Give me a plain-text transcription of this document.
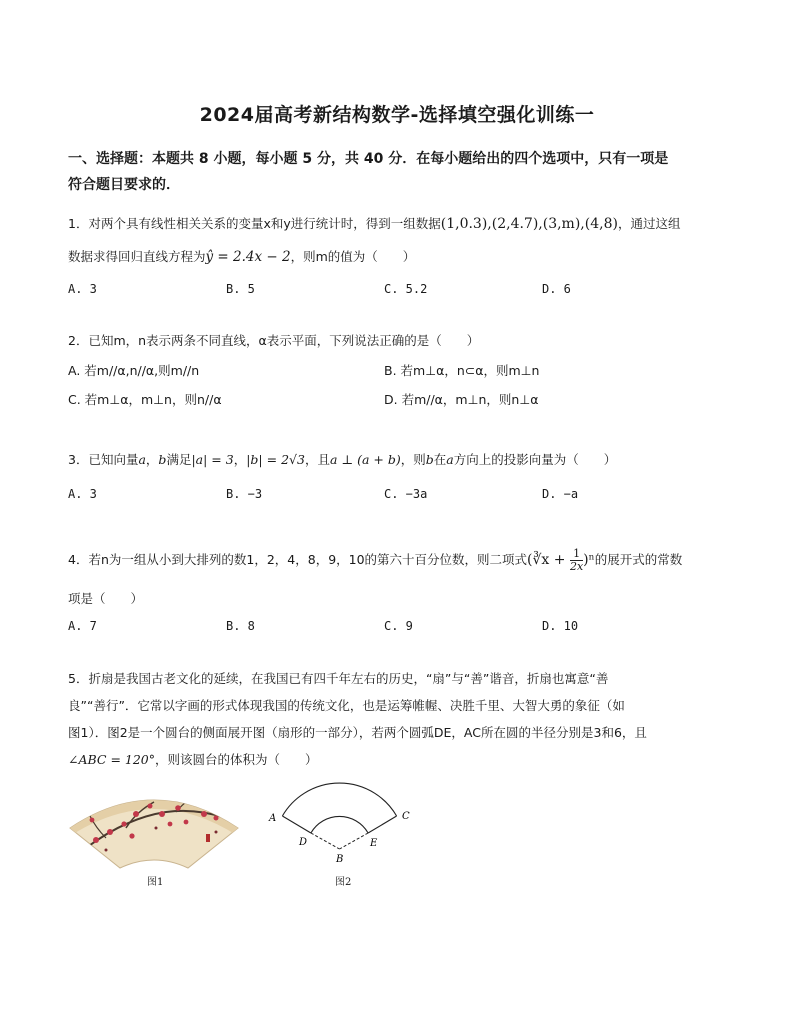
2024届高考新结构数学-选择填空强化训练一
一、选择题：本题共 8 小题，每小题 5 分，共 40 分．在每小题给出的四个选项中，只有一项是
符合题目要求的．
1．对两个具有线性相关关系的变量x和y进行统计时，得到一组数据(1,0.3),(2,4.7),(3,m),(4,8)，通过这组
数据求得回归直线方程为ŷ = 2.4x − 2，则m的值为（　　）
A. 3	B. 5	C. 5.2	D. 6
2．已知m，n表示两条不同直线，α表示平面，下列说法正确的是（　　）
A. 若m//α,n//α,则m//n	B. 若m⊥α，n⊂α，则m⊥n
C. 若m⊥α，m⊥n，则n//α	D. 若m//α，m⊥n，则n⊥α
3．已知向量a，b满足|a| = 3，|b| = 2√3，且a ⊥ (a + b)，则b在a方向上的投影向量为（　　）
A. 3	B. −3	C. −3a	D. −a
4．若n为一组从小到大排列的数1，2，4，8，9，10的第六十百分位数，则二项式(∛x + $\frac{1}{2x} )^n$的展开式的常数
项是（　　）
A. 7	B. 8	C. 9	D. 10
5．折扇是我国古老文化的延续，在我国已有四千年左右的历史，“扇”与“善”谐音，折扇也寓意“善
良”“善行”．它常以字画的形式体现我国的传统文化，也是运筹帷幄、决胜千里、大智大勇的象征（如
图1）．图2是一个圆台的侧面展开图（扇形的一部分），若两个圆弧DE，AC所在圆的半径分别是3和6，且
∠ABC = 120°，则该圆台的体积为（　　）
图1
A	C
D	E
B
图2
